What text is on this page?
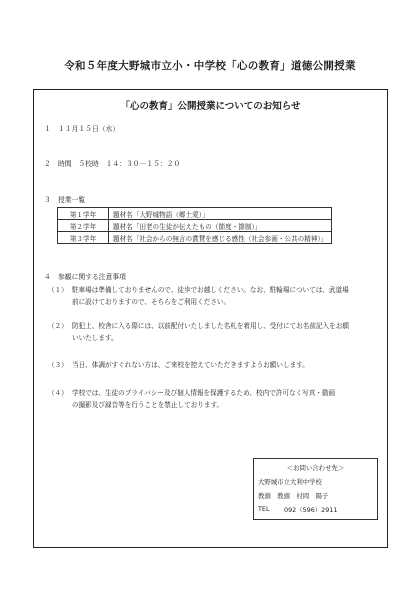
令和５年度大野城市立小・中学校「心の教育」道徳公開授業
「心の教育」公開授業についてのお知らせ
１ １１月１５日（水）
２ 時間　５校時　１４：３０－１５：２０
３ 授業一覧
第１学年	題材名「大野城物語（郷土愛）」
第２学年	題材名「田老の生徒が伝えたもの（節度・節制）」
第３学年	題材名「社会からの無言の賞賛を感じる感性（社会参画・公共の精神）」
４ 参観に関する注意事項
（１） 駐車場は準備しておりませんので、徒歩でお越しください。なお、駐輪場については、武道場
前に設けておりますので、そちらをご利用ください。
（２） 防犯上、校舎に入る際には、以前配付いたしました名札を着用し、受付にてお名前記入をお願
いいたします。
（３） 当日、体調がすぐれない方は、ご来校を控えていただきますようお願いします。
（４） 学校では、生徒のプライバシー及び個人情報を保護するため、校内で許可なく写真・動画
の撮影及び録音等を行うことを禁止しております。
＜お問い合わせ先＞
大野城市立大利中学校
教頭　教頭　村岡　陽子
TEL 092（596）2911
